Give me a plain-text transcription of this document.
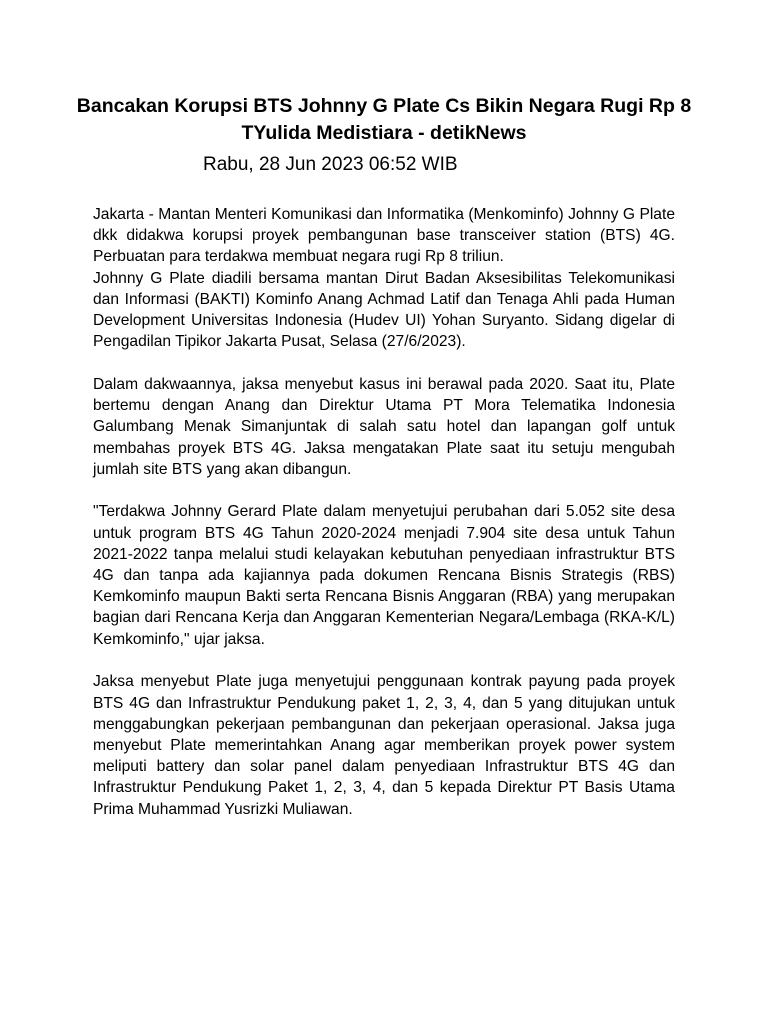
Bancakan Korupsi BTS Johnny G Plate Cs Bikin Negara Rugi Rp 8 TYulida Medistiara - detikNews

Rabu, 28 Jun 2023 06:52 WIB

Jakarta - Mantan Menteri Komunikasi dan Informatika (Menkominfo) Johnny G Plate dkk didakwa korupsi proyek pembangunan base transceiver station (BTS) 4G. Perbuatan para terdakwa membuat negara rugi Rp 8 triliun.

Johnny G Plate diadili bersama mantan Dirut Badan Aksesibilitas Telekomunikasi dan Informasi (BAKTI) Kominfo Anang Achmad Latif dan Tenaga Ahli pada Human Development Universitas Indonesia (Hudev UI) Yohan Suryanto. Sidang digelar di Pengadilan Tipikor Jakarta Pusat, Selasa (27/6/2023).

Dalam dakwaannya, jaksa menyebut kasus ini berawal pada 2020. Saat itu, Plate bertemu dengan Anang dan Direktur Utama PT Mora Telematika Indonesia Galumbang Menak Simanjuntak di salah satu hotel dan lapangan golf untuk membahas proyek BTS 4G. Jaksa mengatakan Plate saat itu setuju mengubah jumlah site BTS yang akan dibangun.

"Terdakwa Johnny Gerard Plate dalam menyetujui perubahan dari 5.052 site desa untuk program BTS 4G Tahun 2020-2024 menjadi 7.904 site desa untuk Tahun 2021-2022 tanpa melalui studi kelayakan kebutuhan penyediaan infrastruktur BTS 4G dan tanpa ada kajiannya pada dokumen Rencana Bisnis Strategis (RBS) Kemkominfo maupun Bakti serta Rencana Bisnis Anggaran (RBA) yang merupakan bagian dari Rencana Kerja dan Anggaran Kementerian Negara/Lembaga (RKA-K/L) Kemkominfo," ujar jaksa.

Jaksa menyebut Plate juga menyetujui penggunaan kontrak payung pada proyek BTS 4G dan Infrastruktur Pendukung paket 1, 2, 3, 4, dan 5 yang ditujukan untuk menggabungkan pekerjaan pembangunan dan pekerjaan operasional. Jaksa juga menyebut Plate memerintahkan Anang agar memberikan proyek power system meliputi battery dan solar panel dalam penyediaan Infrastruktur BTS 4G dan Infrastruktur Pendukung Paket 1, 2, 3, 4, dan 5 kepada Direktur PT Basis Utama Prima Muhammad Yusrizki Muliawan.
